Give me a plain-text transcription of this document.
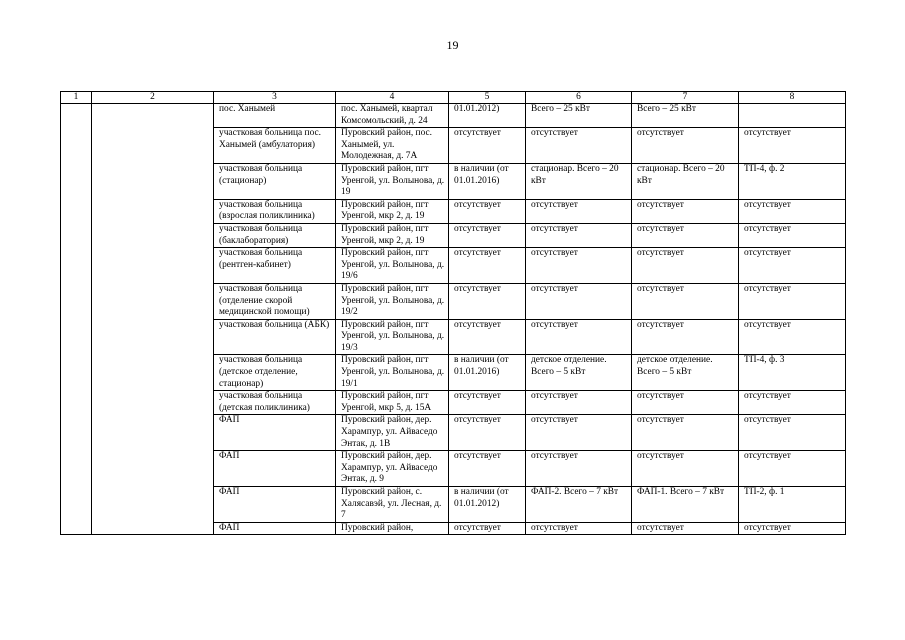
19
1	2	3	4	5	6	7	8
		пос. Ханымей	пос. Ханымей, квартал Комсомольский, д. 24	01.01.2012)	Всего – 25 кВт	Всего – 25 кВт	
		участковая больница пос. Ханымей (амбулатория)	Пуровский район, пос. Ханымей, ул. Молодежная, д. 7А	отсутствует	отсутствует	отсутствует	отсутствует
		участковая больница (стационар)	Пуровский район, пгт Уренгой, ул. Волынова, д. 19	в наличии (от 01.01.2016)	стационар. Всего – 20 кВт	стационар. Всего – 20 кВт	ТП-4, ф. 2
		участковая больница (взрослая поликлиника)	Пуровский район, пгт Уренгой, мкр 2, д. 19	отсутствует	отсутствует	отсутствует	отсутствует
		участковая больница (баклаборатория)	Пуровский район, пгт Уренгой, мкр 2, д. 19	отсутствует	отсутствует	отсутствует	отсутствует
		участковая больница (рентген-кабинет)	Пуровский район, пгт Уренгой, ул. Волынова, д. 19/6	отсутствует	отсутствует	отсутствует	отсутствует
		участковая больница (отделение скорой медицинской помощи)	Пуровский район, пгт Уренгой, ул. Волынова, д. 19/2	отсутствует	отсутствует	отсутствует	отсутствует
		участковая больница (АБК)	Пуровский район, пгт Уренгой, ул. Волынова, д. 19/3	отсутствует	отсутствует	отсутствует	отсутствует
		участковая больница (детское отделение, стационар)	Пуровский район, пгт Уренгой, ул. Волынова, д. 19/1	в наличии (от 01.01.2016)	детское отделение. Всего – 5 кВт	детское отделение. Всего – 5 кВт	ТП-4, ф. 3
		участковая больница (детская поликлиника)	Пуровский район, пгт Уренгой, мкр 5, д. 15А	отсутствует	отсутствует	отсутствует	отсутствует
		ФАП	Пуровский район, дер. Харампур, ул. Айваседо Энтак, д. 1В	отсутствует	отсутствует	отсутствует	отсутствует
		ФАП	Пуровский район, дер. Харампур, ул. Айваседо Энтак, д. 9	отсутствует	отсутствует	отсутствует	отсутствует
		ФАП	Пуровский район, с. Халясавэй, ул. Лесная, д. 7	в наличии (от 01.01.2012)	ФАП-2. Всего – 7 кВт	ФАП-1. Всего – 7 кВт	ТП-2, ф. 1
		ФАП	Пуровский район,	отсутствует	отсутствует	отсутствует	отсутствует
